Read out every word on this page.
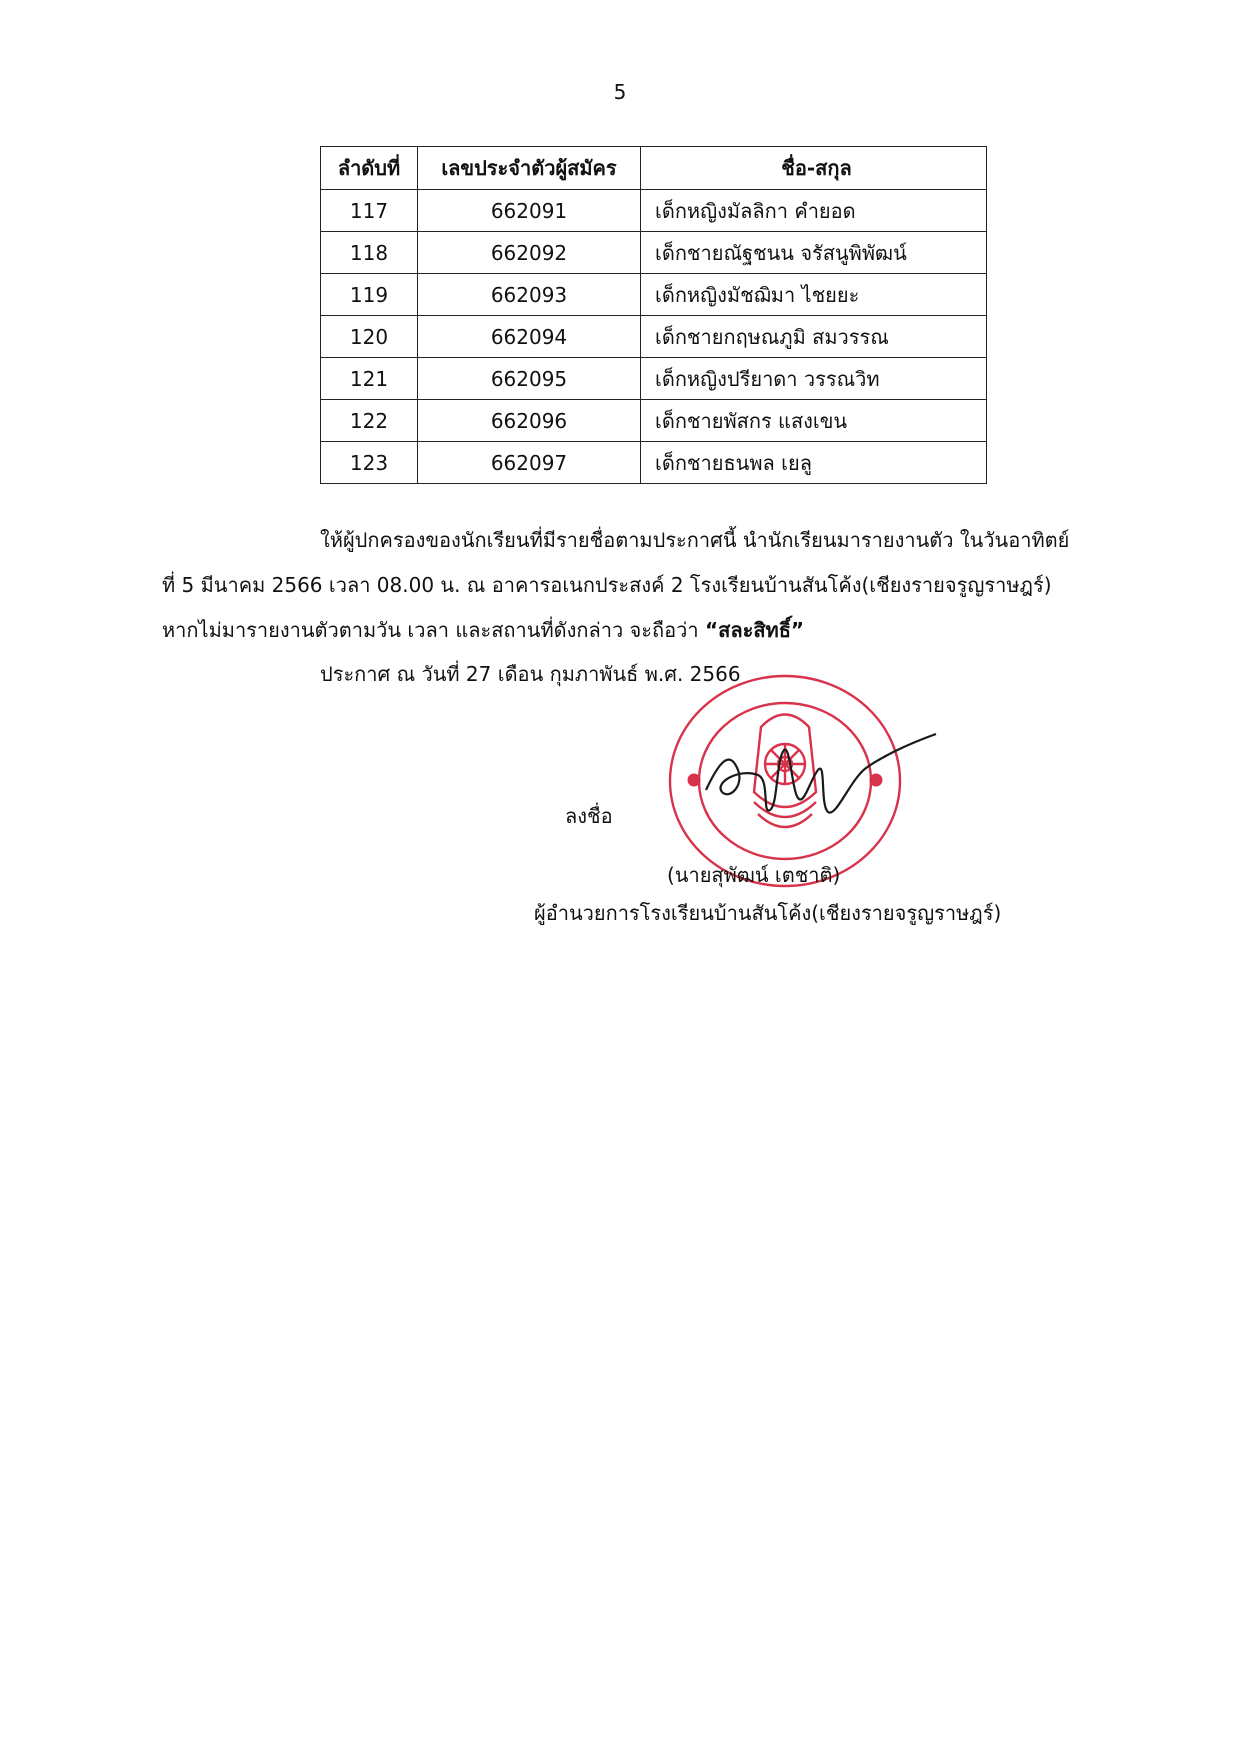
5
ลำดับที่	เลขประจำตัวผู้สมัคร	ชื่อ-สกุล
117	662091	เด็กหญิงมัลลิกา คำยอด
118	662092	เด็กชายณัฐชนน จรัสนูพิพัฒน์
119	662093	เด็กหญิงมัชฌิมา ไชยยะ
120	662094	เด็กชายกฤษณภูมิ สมวรรณ
121	662095	เด็กหญิงปรียาดา วรรณวิท
122	662096	เด็กชายพัสกร แสงเขน
123	662097	เด็กชายธนพล เยลู
ให้ผู้ปกครองของนักเรียนที่มีรายชื่อตามประกาศนี้ นำนักเรียนมารายงานตัว ในวันอาทิตย์
ที่ 5 มีนาคม 2566 เวลา 08.00 น. ณ อาคารอเนกประสงค์ 2 โรงเรียนบ้านสันโค้ง(เชียงรายจรูญราษฎร์)
หากไม่มารายงานตัวตามวัน เวลา และสถานที่ดังกล่าว จะถือว่า “สละสิทธิ์”
ประกาศ ณ วันที่ 27 เดือน กุมภาพันธ์ พ.ศ. 2566
ลงชื่อ
(นายสุพัฒน์ เตชาติ)
ผู้อำนวยการโรงเรียนบ้านสันโค้ง(เชียงรายจรูญราษฎร์)
